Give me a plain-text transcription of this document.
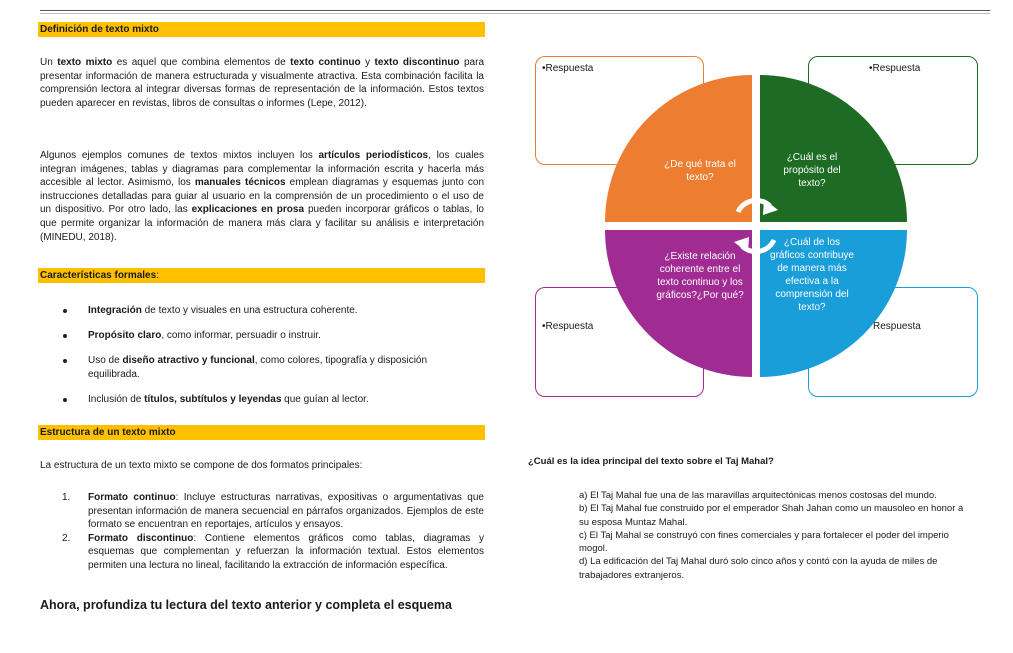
Definición de texto mixto

Un texto mixto es aquel que combina elementos de texto continuo y texto discontinuo para presentar información de manera estructurada y visualmente atractiva. Esta combinación facilita la comprensión lectora al integrar diversas formas de representación de la información. Estos textos pueden aparecer en revistas, libros de consultas o informes (Lepe, 2012).

Algunos ejemplos comunes de textos mixtos incluyen los artículos periodísticos, los cuales integran imágenes, tablas y diagramas para complementar la información escrita y hacerla más accesible al lector. Asimismo, los manuales técnicos emplean diagramas y esquemas junto con instrucciones detalladas para guiar al usuario en la comprensión de un procedimiento o el uso de un dispositivo. Por otro lado, las explicaciones en prosa pueden incorporar gráficos o tablas, lo que permite organizar la información de manera más clara y facilitar su análisis e interpretación (MINEDU, 2018).

Características formales:
Integración de texto y visuales en una estructura coherente.
Propósito claro, como informar, persuadir o instruir.
Uso de diseño atractivo y funcional, como colores, tipografía y disposición equilibrada.
Inclusión de títulos, subtítulos y leyendas que guían al lector.
Estructura de un texto mixto

La estructura de un texto mixto se compone de dos formatos principales:

1. Formato continuo: Incluye estructuras narrativas, expositivas o argumentativas que presentan información de manera secuencial en párrafos organizados. Ejemplos de este formato se encuentran en reportajes, artículos y ensayos.
2. Formato discontinuo: Contiene elementos gráficos como tablas, diagramas y esquemas que complementan y refuerzan la información textual. Estos elementos permiten una lectura no lineal, facilitando la extracción de información específica.
Ahora, profundiza tu lectura del texto anterior y completa el esquema
•Respuesta	•Respuesta
•Respuesta	Respuesta
¿De qué trata el texto?
¿Cuál es el propósito del texto?
¿Existe relación coherente entre el texto continuo y los gráficos?¿Por qué?
¿Cuál de los gráficos contribuye de manera más efectiva a la comprensión del texto?
¿Cuál es la idea principal del texto sobre el Taj Mahal?
a) El Taj Mahal fue una de las maravillas arquitectónicas menos costosas del mundo.
b) El Taj Mahal fue construido por el emperador Shah Jahan como un mausoleo en honor a su esposa Muntaz Mahal.
c) El Taj Mahal se construyó con fines comerciales y para fortalecer el poder del imperio mogol.
d) La edificación del Taj Mahal duró solo cinco años y contó con la ayuda de miles de trabajadores extranjeros.
